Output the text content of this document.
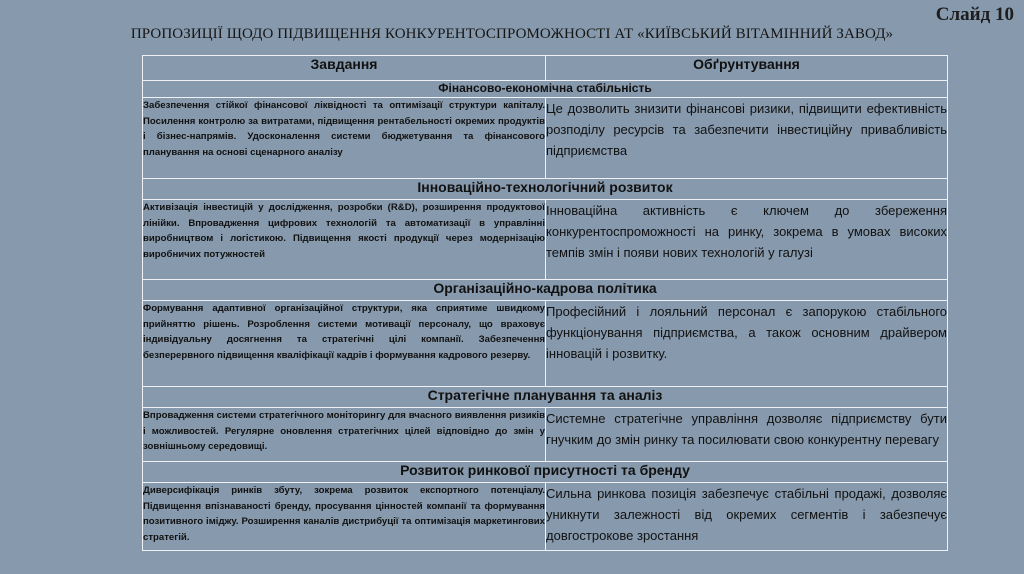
Слайд 10
ПРОПОЗИЦІЇ ЩОДО ПІДВИЩЕННЯ КОНКУРЕНТОСПРОМОЖНОСТІ АТ «КИЇВСЬКИЙ ВІТАМІННИЙ ЗАВОД»
Завдання	Обґрунтування
Фінансово-економічна стабільність	
Забезпечення стійкої фінансової ліквідності та оптимізації структури капіталу. Посилення контролю за витратами, підвищення рентабельності окремих продуктів і бізнес-напрямів. Удосконалення системи бюджетування та фінансового планування на основі сценарного аналізу	Це дозволить знизити фінансові ризики, підвищити ефективність розподілу ресурсів та забезпечити інвестиційну привабливість підприємства
Інноваційно-технологічний розвиток	
Активізація інвестицій у дослідження, розробки (R&D), розширення продуктової лінійки. Впровадження цифрових технологій та автоматизації в управлінні виробництвом і логістикою. Підвищення якості продукції через модернізацію виробничих потужностей	Інноваційна активність є ключем до збереження конкурентоспроможності на ринку, зокрема в умовах високих темпів змін і появи нових технологій у галузі
Організаційно-кадрова політика	
Формування адаптивної організаційної структури, яка сприятиме швидкому прийняттю рішень. Розроблення системи мотивації персоналу, що враховує індивідуальну досягнення та стратегічні цілі компанії. Забезпечення безперервного підвищення кваліфікації кадрів і формування кадрового резерву.	Професійний і лояльний персонал є запорукою стабільного функціонування підприємства, а також основним драйвером інновацій і розвитку.
Стратегічне планування та аналіз	
Впровадження системи стратегічного моніторингу для вчасного виявлення ризиків і можливостей. Регулярне оновлення стратегічних цілей відповідно до змін у зовнішньому середовищі.	Системне стратегічне управління дозволяє підприємству бути гнучким до змін ринку та посилювати свою конкурентну перевагу
Розвиток ринкової присутності та бренду	
Диверсифікація ринків збуту, зокрема розвиток експортного потенціалу. Підвищення впізнаваності бренду, просування цінностей компанії та формування позитивного іміджу. Розширення каналів дистрибуції та оптимізація маркетингових стратегій.	Сильна ринкова позиція забезпечує стабільні продажі, дозволяє уникнути залежності від окремих сегментів і забезпечує довгострокове зростання
